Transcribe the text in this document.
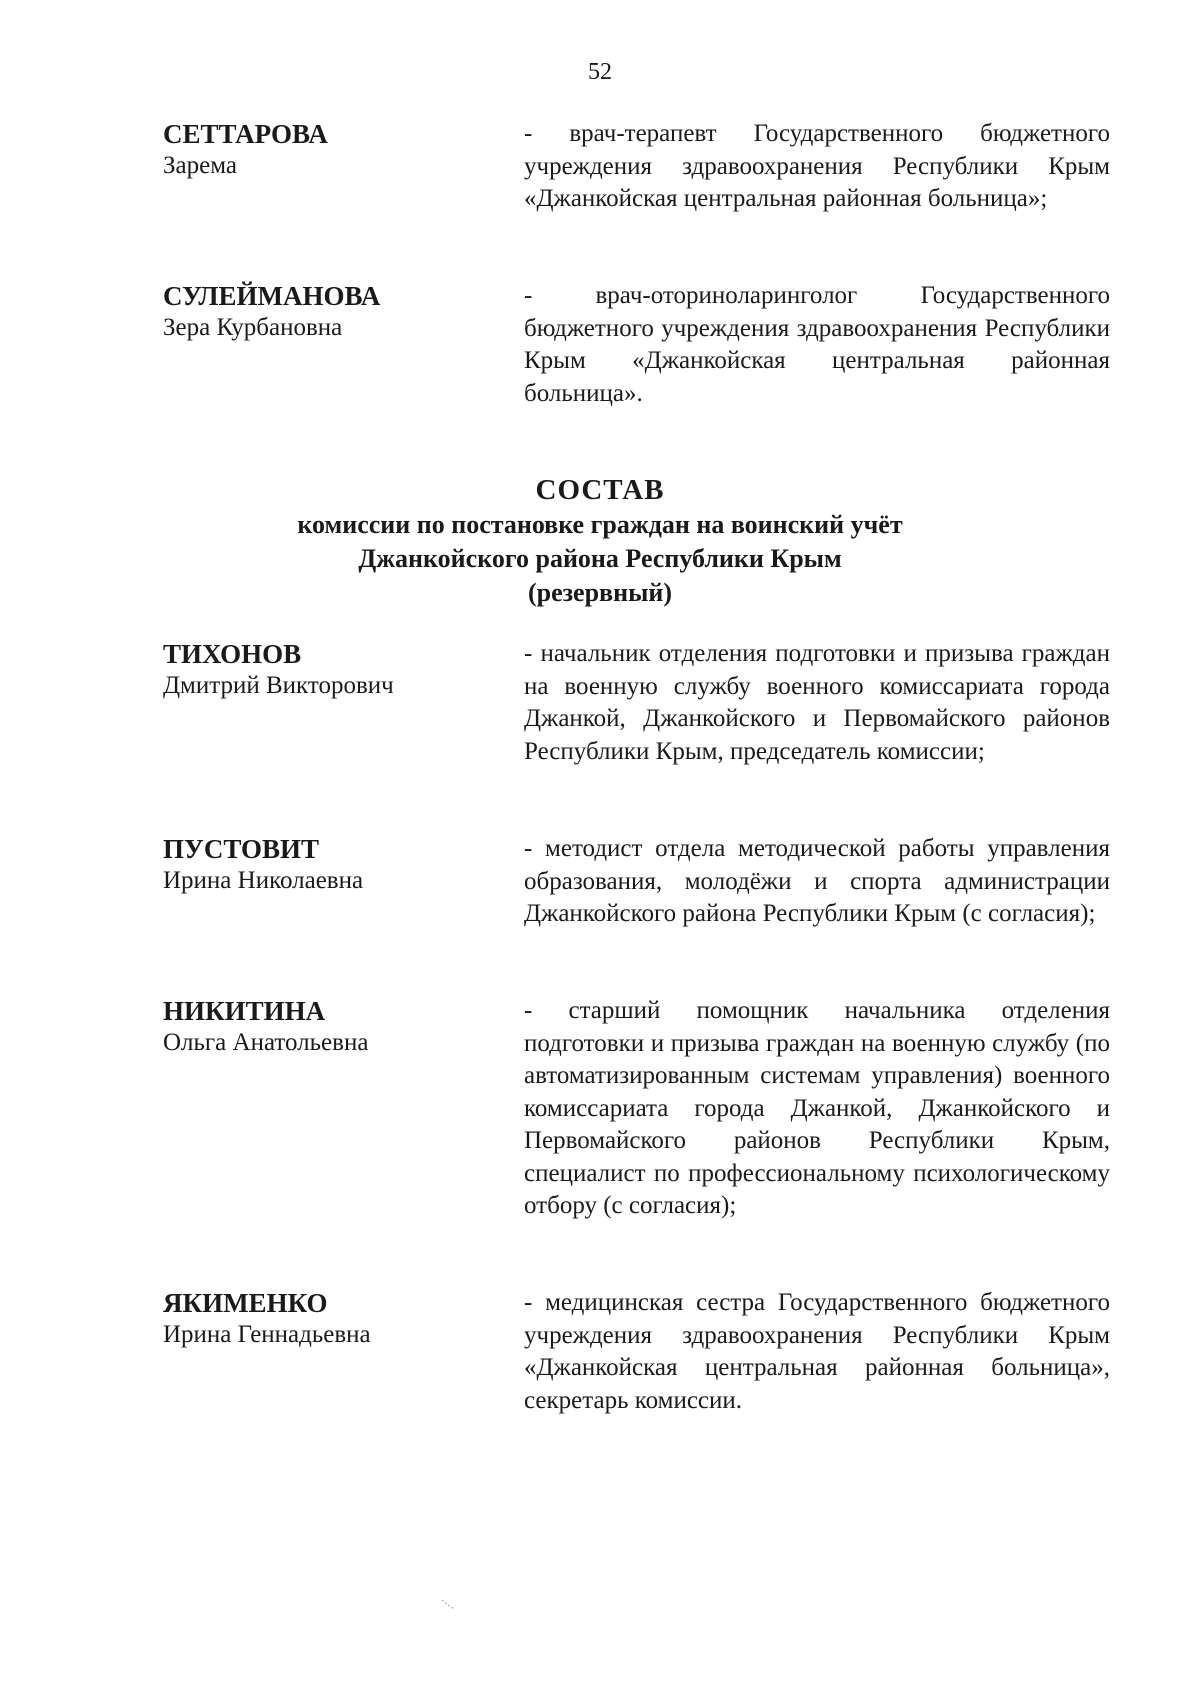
52
СЕТТАРОВА
Зарема
- врач-терапевт Государственного бюджетного учреждения здравоохранения Республики Крым «Джанкойская центральная районная больница»;
СУЛЕЙМАНОВА
Зера Курбановна
- врач-оториноларинголог Государственного бюджетного учреждения здравоохранения Республики Крым «Джанкойская центральная районная больница».
СОСТАВ
комиссии по постановке граждан на воинский учёт
Джанкойского района Республики Крым
(резервный)
ТИХОНОВ
Дмитрий Викторович
- начальник отделения подготовки и призыва граждан на военную службу военного комиссариата города Джанкой, Джанкойского и Первомайского районов Республики Крым, председатель комиссии;
ПУСТОВИТ
Ирина Николаевна
- методист отдела методической работы управления образования, молодёжи и спорта администрации Джанкойского района Республики Крым (с согласия);
НИКИТИНА
Ольга Анатольевна
- старший помощник начальника отделения подготовки и призыва граждан на военную службу (по автоматизированным системам управления) военного комиссариата города Джанкой, Джанкойского и Первомайского районов Республики Крым, специалист по профессиональному психологическому отбору (с согласия);
ЯКИМЕНКО
Ирина Геннадьевна
- медицинская сестра Государственного бюджетного учреждения здравоохранения Республики Крым «Джанкойская центральная районная больница», секретарь комиссии.
